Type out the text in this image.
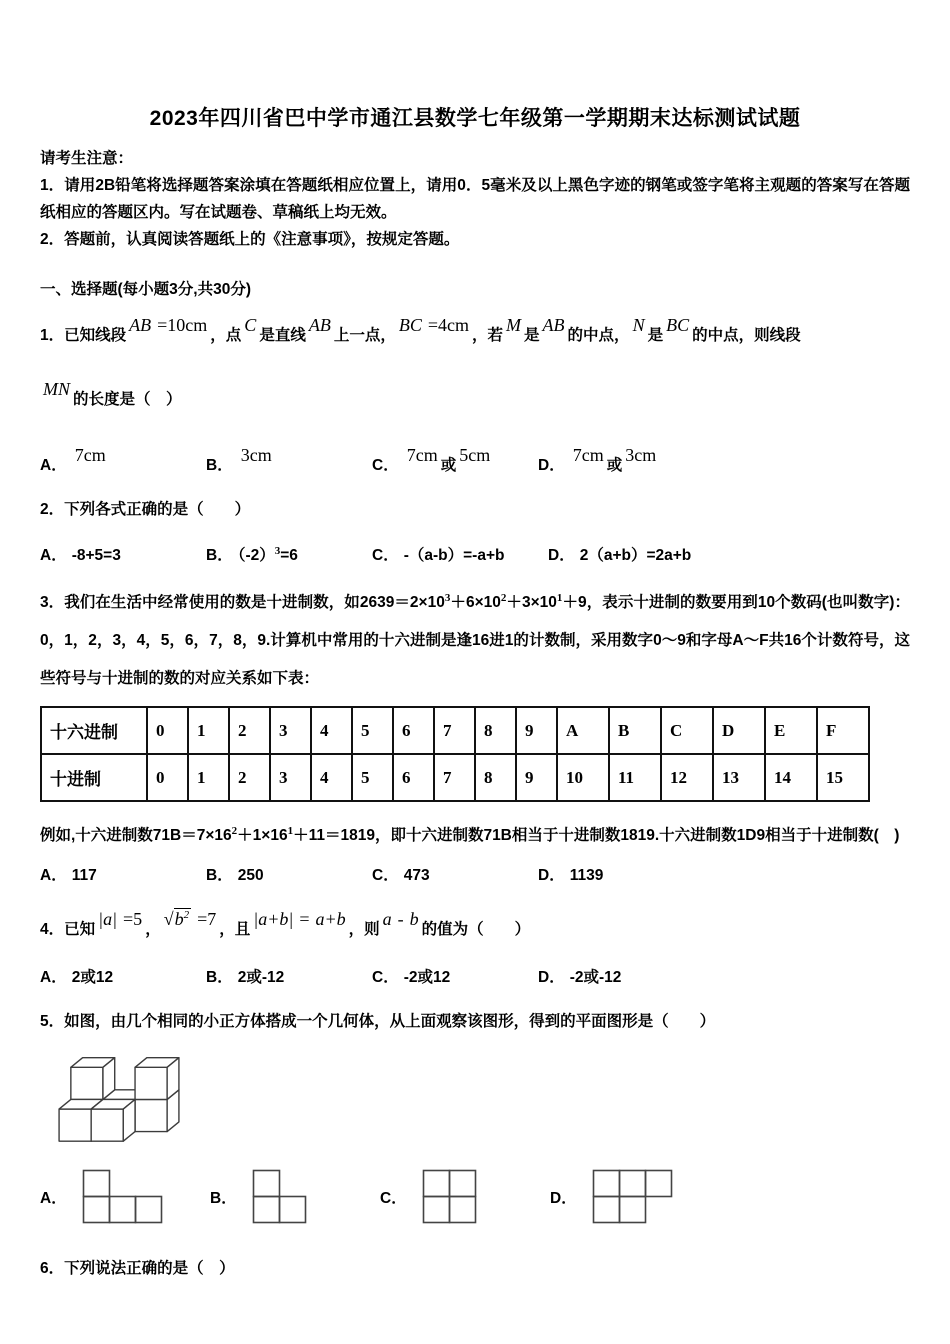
2023年四川省巴中学市通江县数学七年级第一学期期末达标测试试题
请考生注意：

1．请用2B铅笔将选择题答案涂填在答题纸相应位置上，请用0．5毫米及以上黑色字迹的钢笔或签字笔将主观题的答案写在答题纸相应的答题区内。写在试题卷、草稿纸上均无效。

2．答题前，认真阅读答题纸上的《注意事项》，按规定答题。

一、选择题(每小题3分,共30分)
1．已知线段AB =10cm，点C是直线AB上一点，BC =4cm，若M是AB的中点，N是BC的中点，则线段
MN的长度是（　）
A．7cm
B．3cm
C．7cm或5cm
D．7cm或3cm
2．下列各式正确的是（　　）
A． -8+5=3	B． $(-2)^3=6$	C． -（a-b）=-a+b	D． 2（a+b）=2a+b
3．我们在生活中经常使用的数是十进制数，如$2639=2\times 10^3+6\times 10^2+3\times 10^1+9$，表示十进制的数要用到10个数码(也叫数字)：0，1，2，3，4，5，6，7，8，9.计算机中常用的十六进制是逢16进1的计数制，采用数字0～9和字母A～F共16个计数符号，这些符号与十进制的数的对应关系如下表：
十六进制	0	1	2	3	4	5	6	7	8	9	A	B	C	D	E	F
十进制	0	1	2	3	4	5	6	7	8	9	10	11	12	13	14	15
例如,十六进制数$71B=7\times 16^2+1\times 16^1+11=1819$，即十六进制数71B相当于十进制数1819.十六进制数1D9相当于十进制数(　)
A． 117	B． 250	C． 473	D． 1139
4．已知|a| =5，$√b^2 =7$，且|a+b| = a+b，则a - b的值为（　　）
A． 2或12	B． 2或-12	C． -2或12	D． -2或-12
5．如图，由几个相同的小正方体搭成一个几何体，从上面观察该图形，得到的平面图形是（　　）
A．	B．	C．	D．
6．下列说法正确的是（　）
